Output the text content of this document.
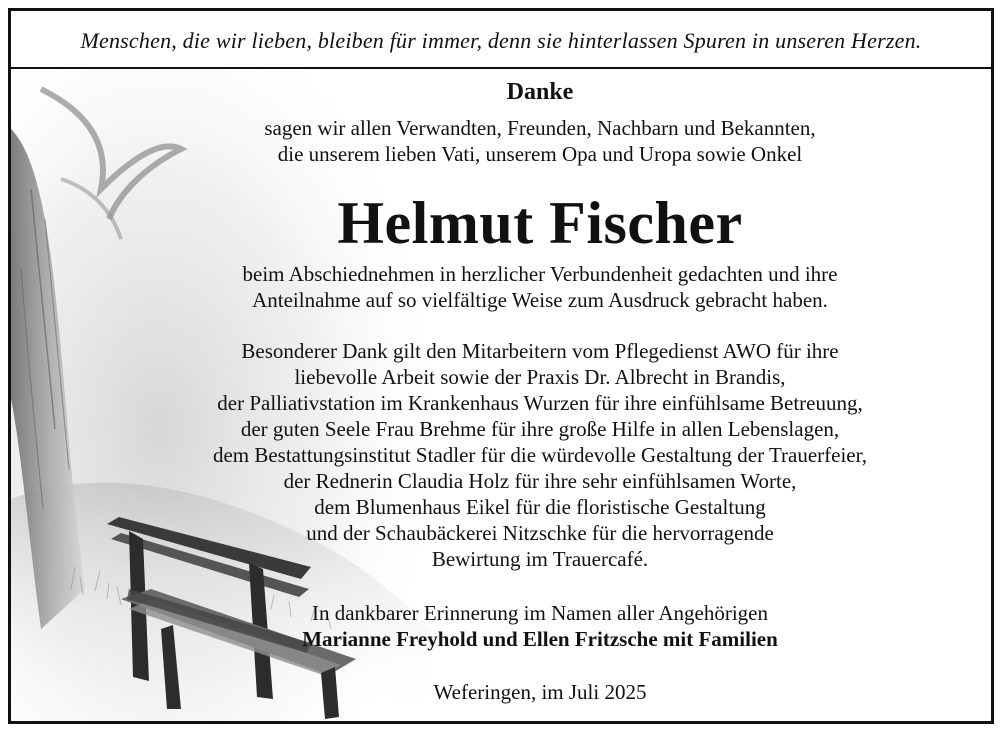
Menschen, die wir lieben, bleiben für immer, denn sie hinterlassen Spuren in unseren Herzen.
Danke
sagen wir allen Verwandten, Freunden, Nachbarn und Bekannten,
die unserem lieben Vati, unserem Opa und Uropa sowie Onkel
Helmut Fischer
beim Abschiednehmen in herzlicher Verbundenheit gedachten und ihre
Anteilnahme auf so vielfältige Weise zum Ausdruck gebracht haben.
Besonderer Dank gilt den Mitarbeitern vom Pflegedienst AWO für ihre
liebevolle Arbeit sowie der Praxis Dr. Albrecht in Brandis,
der Palliativstation im Krankenhaus Wurzen für ihre einfühlsame Betreuung,
der guten Seele Frau Brehme für ihre große Hilfe in allen Lebenslagen,
dem Bestattungsinstitut Stadler für die würdevolle Gestaltung der Trauerfeier,
der Rednerin Claudia Holz für ihre sehr einfühlsamen Worte,
dem Blumenhaus Eikel für die floristische Gestaltung
und der Schaubäckerei Nitzschke für die hervorragende
Bewirtung im Trauercafé.
In dankbarer Erinnerung im Namen aller Angehörigen
Marianne Freyhold und Ellen Fritzsche mit Familien
Weferingen, im Juli 2025
